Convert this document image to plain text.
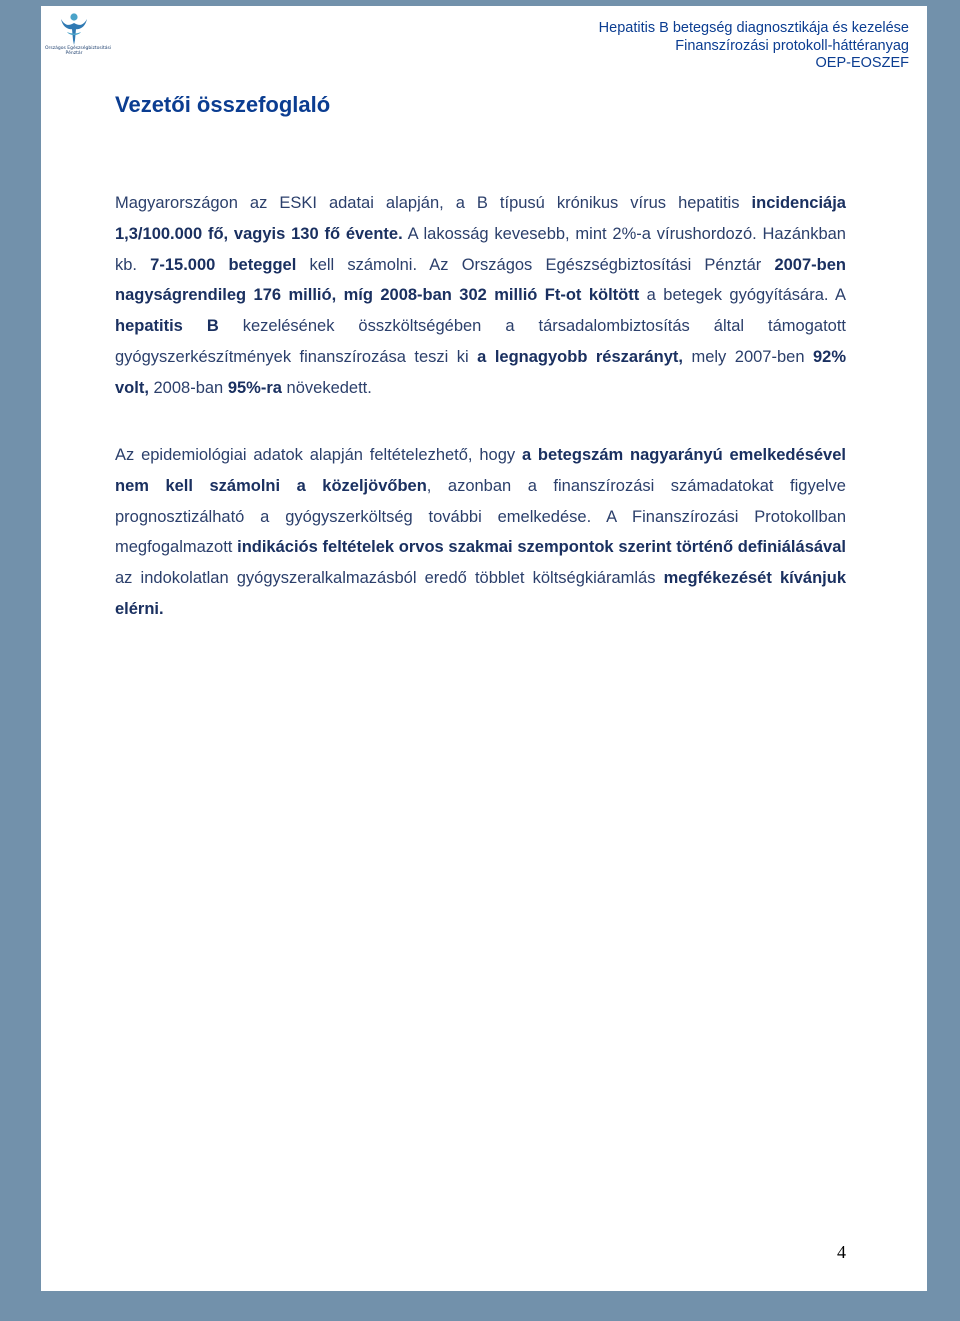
Országos Egészségbiztosítási
Pénztár
Hepatitis B betegség diagnosztikája és kezelése
Finanszírozási protokoll-háttéranyag
OEP-EOSZEF
Vezetői összefoglaló

Magyarországon az ESKI adatai alapján, a B típusú krónikus vírus hepatitis incidenciája 1,3/100.000 fő, vagyis 130 fő évente. A lakosság kevesebb, mint 2%-a vírushordozó. Hazánkban kb. 7-15.000 beteggel kell számolni. Az Országos Egészségbiztosítási Pénztár 2007-ben nagyságrendileg 176 millió, míg 2008-ban 302 millió Ft-ot költött a betegek gyógyítására. A hepatitis B kezelésének összköltségében a társadalombiztosítás által támogatott gyógyszerkészítmények finanszírozása teszi ki a legnagyobb részarányt, mely 2007-ben 92% volt, 2008-ban 95%-ra növekedett.

Az epidemiológiai adatok alapján feltételezhető, hogy a betegszám nagyarányú emelkedésével nem kell számolni a közeljövőben, azonban a finanszírozási számadatokat figyelve prognosztizálható a gyógyszerköltség további emelkedése. A Finanszírozási Protokollban megfogalmazott indikációs feltételek orvos szakmai szempontok szerint történő definiálásával az indokolatlan gyógyszeralkalmazásból eredő többlet költségkiáramlás megfékezését kívánjuk elérni.

4
